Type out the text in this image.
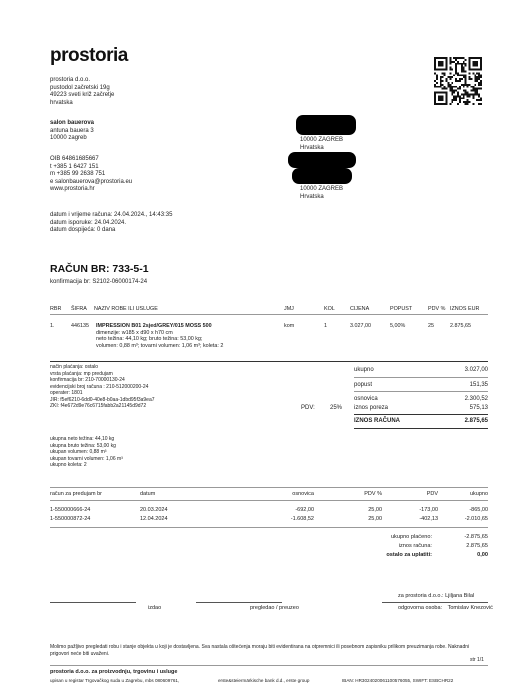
prostoria
prostoria d.o.o.
pustodol začretski 19g
49223 sveti križ začretje
hrvatska
salon bauerova
antuna bauera 3
10000 zagreb
OIB 64861685667
t +385 1 6427 151
m +385 99 2638 751
e salonbauerova@prostoria.eu
www.prostoria.hr
datum i vrijeme računa: 24.04.2024., 14:43:35
datum isporuke: 24.04.2024.
datum dospijeća: 0 dana
10000 ZAGREB
Hrvatska
10000 ZAGREB
Hrvatska
RAČUN BR: 733-5-1
konfirmacija br: S2102-06000174-24
RBR	ŠIFRA	NAZIV ROBE ILI USLUGE	JMJ	KOL	CIJENA	POPUST	PDV %	IZNOS EUR

1.	446135	IMPRESSION B01 2sjed/GREY/015 MOSS 500
dimenzije: w185 x d90 x h70 cm
neto težina: 44,10 kg; bruto težina: 53,00 kg;
volumen: 0,88 m³; tovarni volumen: 1,06 m³; koleta: 2	kom	1	3.027,00	5,00%	25	2.875,65
način plaćanja: ostalo
vrsta plaćanja: mp predujam
konfirmacija br: 210-70000130-24
evidencijski broj računa : 210-512000200-24
operater: 1801
JIR: f5ef6210-6dd0-40e8-b0aa-1dbd95f3a9ea7
ZKI: f4e672d9e76c6715fabb2a21145d9d72
ukupno	3.027,00
popust	151,35
osnovica	2.300,52
iznos poreza	575,13
IZNOS RAČUNA	2.875,65
PDV:	25%
ukupna neto težina: 44,10 kg
ukupna bruto težina: 53,00 kg
ukupan volumen: 0,88 m³
ukupan tovarni volumen: 1,06 m³
ukupno koleta: 2
račun za predujam br	datum	osnovica	PDV %	PDV	ukupno

1-550000666-24	20.03.2024	-692,00	25,00	-173,00	-865,00
1-550000872-24	12.04.2024	-1.608,52	25,00	-402,13	-2.010,65
ukupno plaćeno:	-2.875,65
iznos računa:	2.875,65
ostalo za uplatiti:	0,00
za prostoria d.o.o.: Ljiljana Bilal
izdao	pregledao / preuzeo	odgovorna osoba: Tomislav Knezović
Molimo pažljivo pregledati robu i stanje objekta u koji je dostavljena. Sva nastala oštećenja moraju biti evidentirana na otpremnici ili posebnom zapisniku prilikom preuzimanja robe. Naknadni prigovori neće biti uvaženi.
str 1/1
prostoria d.o.o. za proizvodnju, trgovinu i usluge
upisan u registar Trgovačkog suda u Zagrebu, mbs 080609761,	erste&steiermärkische bank d.d., erste group	IBAN: HR3024020061100576055, SWIFT: ESBCHR22
